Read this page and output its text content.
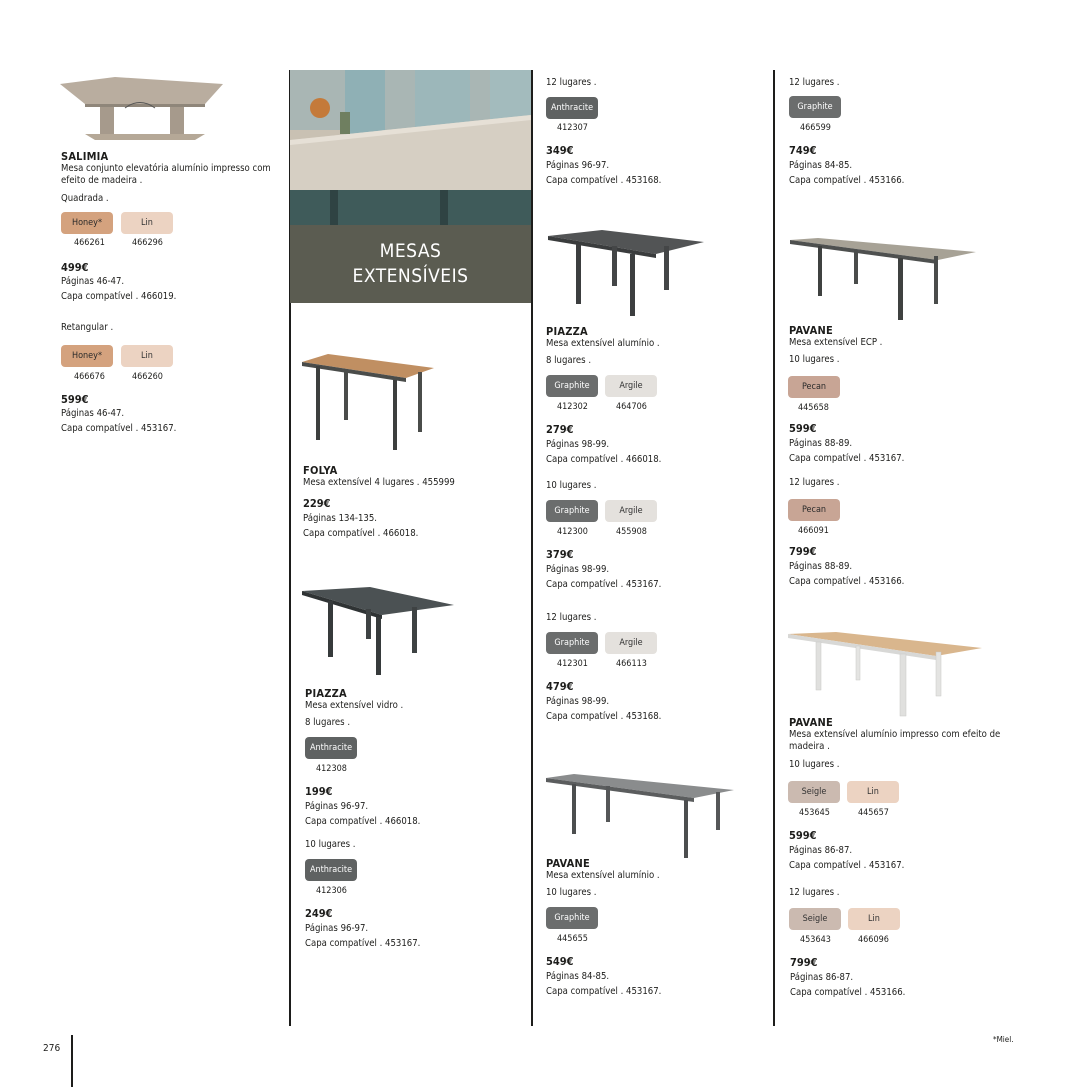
SALIMIA
Mesa conjunto elevatória alumínio impresso com efeito de madeira .
Quadrada .
Honey*	Lin
466261	466296
499€
Páginas 46-47.
Capa compatível . 466019.
Retangular .
Honey*	Lin
466676	466260
599€
Páginas 46-47.
Capa compatível . 453167.
MESAS
EXTENSÍVEIS
FOLYA
Mesa extensível 4 lugares . 455999
229€
Páginas 134-135.
Capa compatível . 466018.
PIAZZA
Mesa extensível vidro .
8 lugares .
Anthracite
412308
199€
Páginas 96-97.
Capa compatível . 466018.
10 lugares .
Anthracite
412306
249€
Páginas 96-97.
Capa compatível . 453167.
12 lugares .
Anthracite
412307
349€
Páginas 96-97.
Capa compatível . 453168.
PIAZZA
Mesa extensível alumínio .
8 lugares .
Graphite	Argile
412302	464706
279€
Páginas 98-99.
Capa compatível . 466018.
10 lugares .
Graphite	Argile
412300	455908
379€
Páginas 98-99.
Capa compatível . 453167.
12 lugares .
Graphite	Argile
412301	466113
479€
Páginas 98-99.
Capa compatível . 453168.
PAVANE
Mesa extensível alumínio .
10 lugares .
Graphite
445655
549€
Páginas 84-85.
Capa compatível . 453167.
12 lugares .
Graphite
466599
749€
Páginas 84-85.
Capa compatível . 453166.
PAVANE
Mesa extensível ECP .
10 lugares .
Pecan
445658
599€
Páginas 88-89.
Capa compatível . 453167.
12 lugares .
Pecan
466091
799€
Páginas 88-89.
Capa compatível . 453166.
PAVANE
Mesa extensível alumínio impresso com efeito de madeira .
10 lugares .
Seigle	Lin
453645	445657
599€
Páginas 86-87.
Capa compatível . 453167.
12 lugares .
Seigle	Lin
453643	466096
799€
Páginas 86-87.
Capa compatível . 453166.
276
*Miel.
